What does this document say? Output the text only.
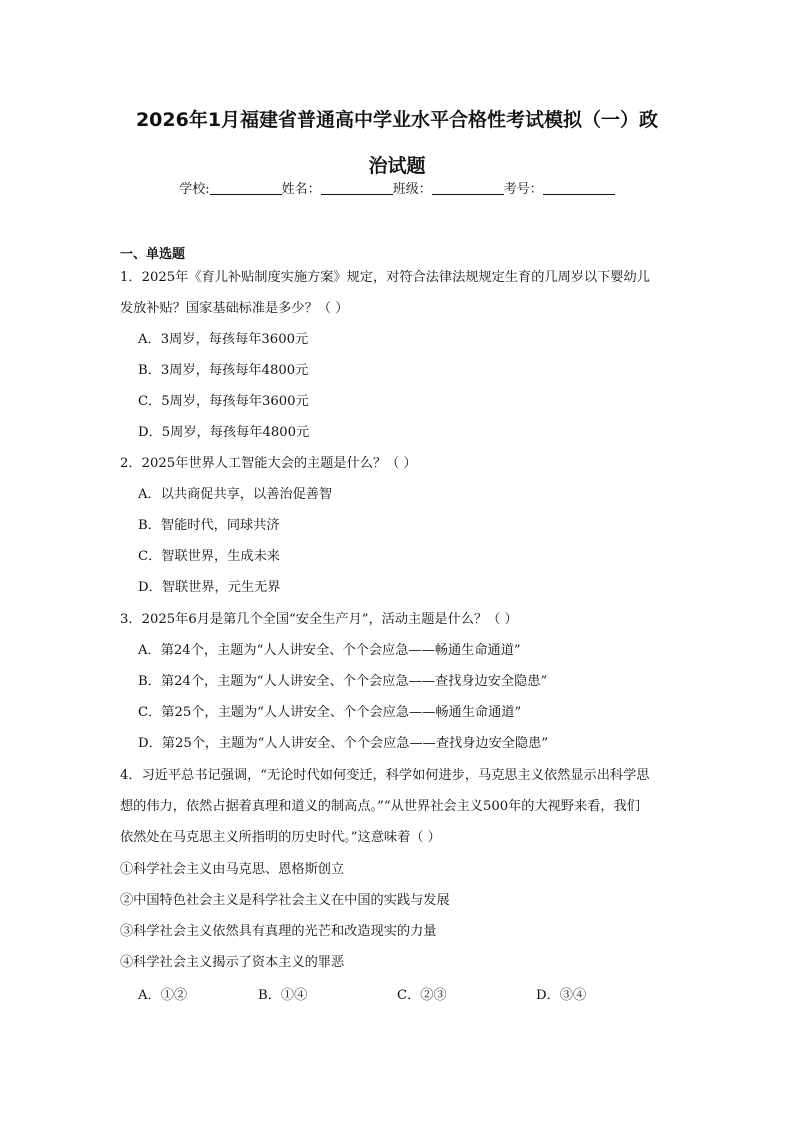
2026年1月福建省普通高中学业水平合格性考试模拟（一）政
治试题
学校:	姓名：	班级：	考号：
一、单选题
1．2025年《育儿补贴制度实施方案》规定，对符合法律法规规定生育的几周岁以下婴幼儿
发放补贴？国家基础标准是多少？（ ）
A．3周岁，每孩每年3600元
B．3周岁，每孩每年4800元
C．5周岁，每孩每年3600元
D．5周岁，每孩每年4800元
2．2025年世界人工智能大会的主题是什么？（ ）
A．以共商促共享，以善治促善智
B．智能时代，同球共济
C．智联世界，生成未来
D．智联世界，元生无界
3．2025年6月是第几个全国“安全生产月”，活动主题是什么？（ ）
A．第24个，主题为“人人讲安全、个个会应急——畅通生命通道”
B．第24个，主题为“人人讲安全、个个会应急——查找身边安全隐患”
C．第25个，主题为“人人讲安全、个个会应急——畅通生命通道”
D．第25个，主题为“人人讲安全、个个会应急——查找身边安全隐患”
4．习近平总书记强调，“无论时代如何变迁，科学如何进步，马克思主义依然显示出科学思
想的伟力，依然占据着真理和道义的制高点。”“从世界社会主义500年的大视野来看，我们
依然处在马克思主义所指明的历史时代。”这意味着（ ）
①科学社会主义由马克思、恩格斯创立
②中国特色社会主义是科学社会主义在中国的实践与发展
③科学社会主义依然具有真理的光芒和改造现实的力量
④科学社会主义揭示了资本主义的罪恶
A．①②	B．①④	C．②③	D．③④
